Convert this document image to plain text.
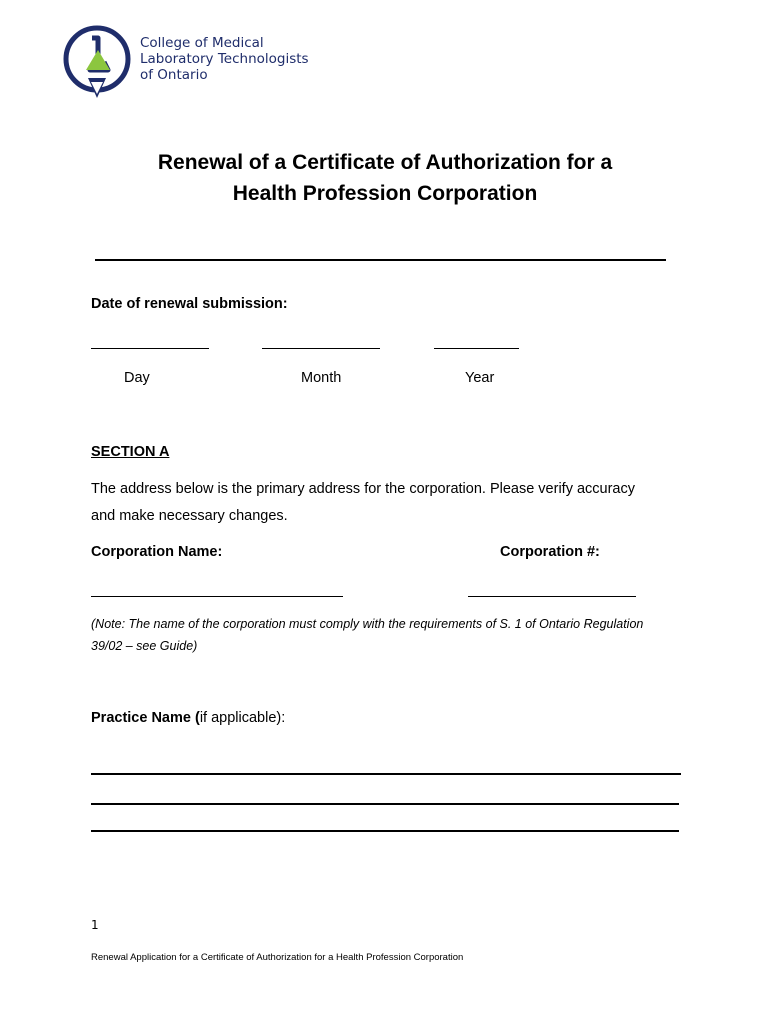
College of Medical
Laboratory Technologists
of Ontario
Renewal of a Certificate of Authorization for a
Health Profession Corporation
Date of renewal submission:
Day	Month	Year
SECTION A
The address below is the primary address for the corporation. Please verify accuracy
and make necessary changes.
Corporation Name:	Corporation #:
(Note: The name of the corporation must comply with the requirements of S. 1 of Ontario Regulation
39/02 – see Guide)
Practice Name (if applicable):
1
Renewal Application for a Certificate of Authorization for a Health Profession Corporation
